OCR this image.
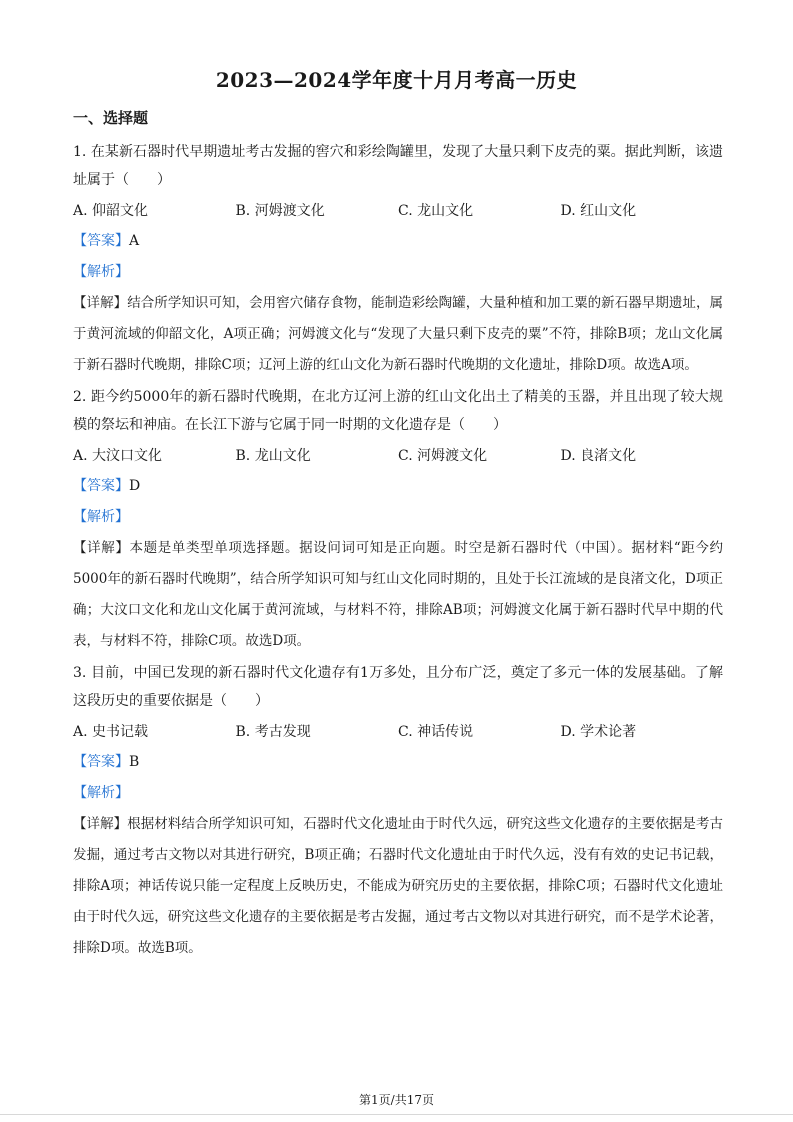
2023—2024学年度十月月考高一历史
一、选择题

1. 在某新石器时代早期遗址考古发掘的窖穴和彩绘陶罐里，发现了大量只剩下皮壳的粟。据此判断，该遗址属于（　　）

A. 仰韶文化	B. 河姆渡文化	C. 龙山文化	D. 红山文化
【答案】A
【解析】

【详解】结合所学知识可知，会用窖穴储存食物，能制造彩绘陶罐，大量种植和加工粟的新石器早期遗址，属于黄河流域的仰韶文化，A项正确；河姆渡文化与“发现了大量只剩下皮壳的粟”不符，排除B项；龙山文化属于新石器时代晚期，排除C项；辽河上游的红山文化为新石器时代晚期的文化遗址，排除D项。故选A项。

2. 距今约5000年的新石器时代晚期，在北方辽河上游的红山文化出土了精美的玉器，并且出现了较大规模的祭坛和神庙。在长江下游与它属于同一时期的文化遗存是（　　）

A. 大汶口文化	B. 龙山文化	C. 河姆渡文化	D. 良渚文化
【答案】D
【解析】

【详解】本题是单类型单项选择题。据设问词可知是正向题。时空是新石器时代（中国）。据材料“距今约5000年的新石器时代晚期”，结合所学知识可知与红山文化同时期的，且处于长江流域的是良渚文化，D项正确；大汶口文化和龙山文化属于黄河流域，与材料不符，排除AB项；河姆渡文化属于新石器时代早中期的代表，与材料不符，排除C项。故选D项。

3. 目前，中国已发现的新石器时代文化遗存有1万多处，且分布广泛，奠定了多元一体的发展基础。了解这段历史的重要依据是（　　）

A. 史书记载	B. 考古发现	C. 神话传说	D. 学术论著
【答案】B
【解析】

【详解】根据材料结合所学知识可知，石器时代文化遗址由于时代久远，研究这些文化遗存的主要依据是考古发掘，通过考古文物以对其进行研究，B项正确；石器时代文化遗址由于时代久远，没有有效的史记书记载，排除A项；神话传说只能一定程度上反映历史，不能成为研究历史的主要依据，排除C项；石器时代文化遗址由于时代久远，研究这些文化遗存的主要依据是考古发掘，通过考古文物以对其进行研究，而不是学术论著，排除D项。故选B项。

第1页/共17页
